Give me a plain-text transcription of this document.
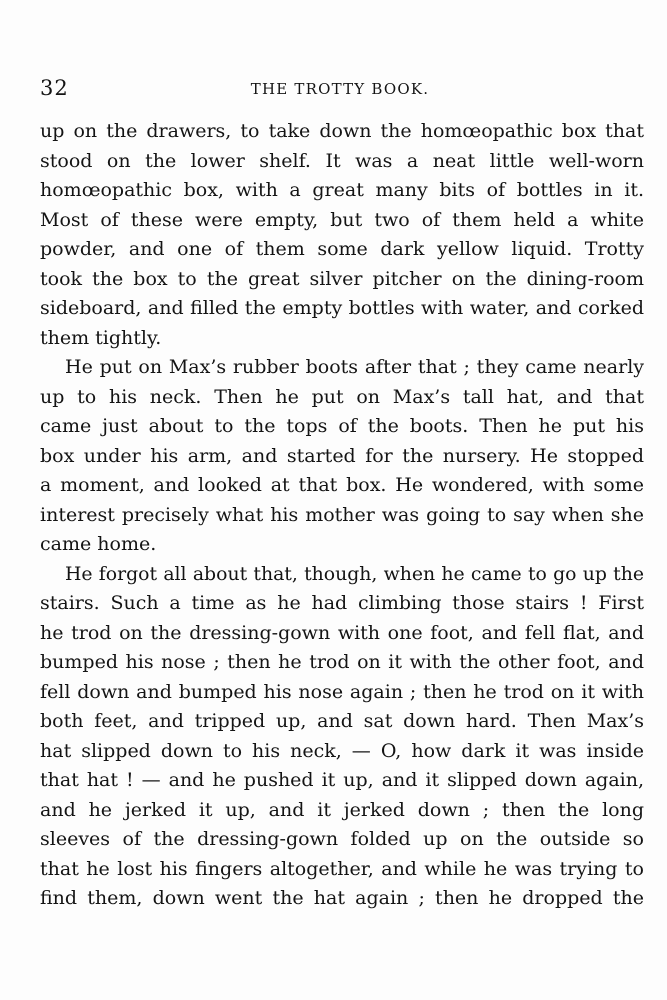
32	THE TROTTY BOOK.
up on the drawers, to take down the homœopathic box that
stood on the lower shelf. It was a neat little well-worn
homœopathic box, with a great many bits of bottles in it.
Most of these were empty, but two of them held a white
powder, and one of them some dark yellow liquid. Trotty
took the box to the great silver pitcher on the dining-room
sideboard, and filled the empty bottles with water, and corked
them tightly.
He put on Max’s rubber boots after that ; they came nearly
up to his neck. Then he put on Max’s tall hat, and that
came just about to the tops of the boots. Then he put his
box under his arm, and started for the nursery. He stopped
a moment, and looked at that box. He wondered, with some
interest precisely what his mother was going to say when she
came home.
He forgot all about that, though, when he came to go up the
stairs. Such a time as he had climbing those stairs ! First
he trod on the dressing-gown with one foot, and fell flat, and
bumped his nose ; then he trod on it with the other foot, and
fell down and bumped his nose again ; then he trod on it with
both feet, and tripped up, and sat down hard. Then Max’s
hat slipped down to his neck, — O, how dark it was inside
that hat ! — and he pushed it up, and it slipped down again,
and he jerked it up, and it jerked down ; then the long
sleeves of the dressing-gown folded up on the outside so
that he lost his fingers altogether, and while he was trying to
find them, down went the hat again ; then he dropped the
